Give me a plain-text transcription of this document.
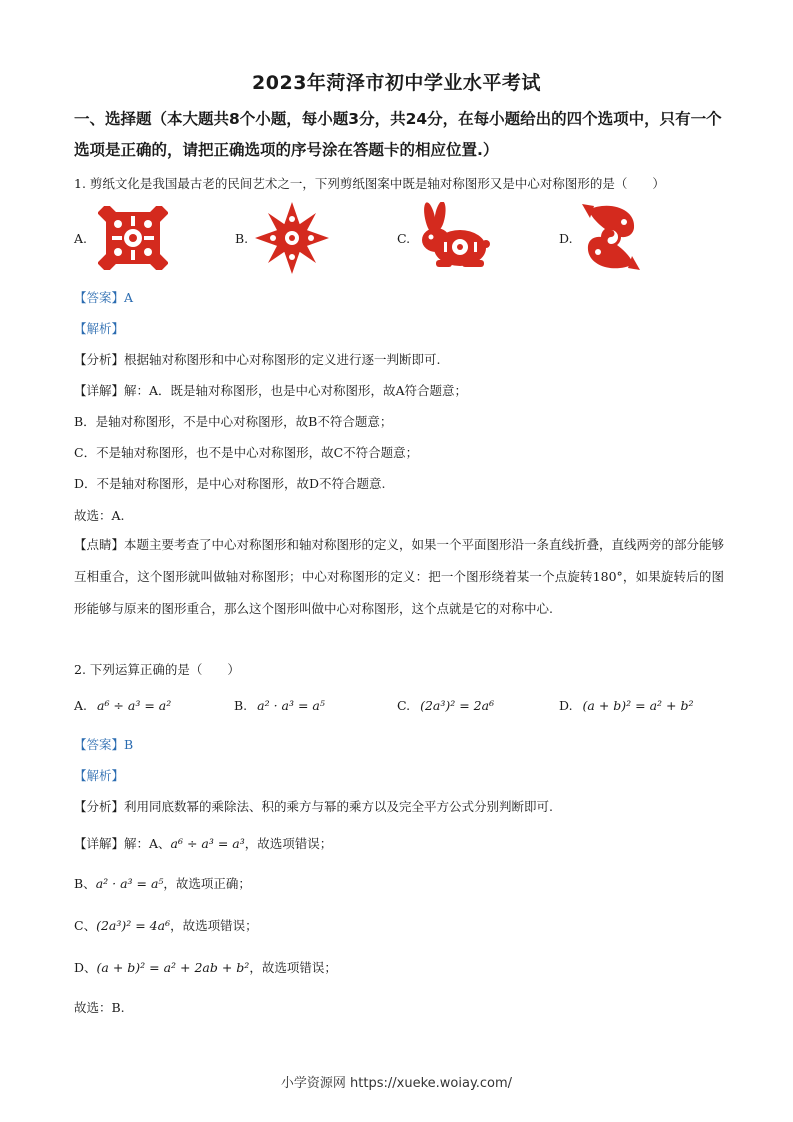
2023年菏泽市初中学业水平考试
一、选择题（本大题共8个小题，每小题3分，共24分，在每小题给出的四个选项中，只有一个选项是正确的，请把正确选项的序号涂在答题卡的相应位置.）
1. 剪纸文化是我国最古老的民间艺术之一，下列剪纸图案中既是轴对称图形又是中心对称图形的是（　　）
A.	B.	C.	D.
【答案】A
【解析】
【分析】根据轴对称图形和中心对称图形的定义进行逐一判断即可.
【详解】解：A．既是轴对称图形，也是中心对称图形，故A符合题意；
B．是轴对称图形，不是中心对称图形，故B不符合题意；
C．不是轴对称图形，也不是中心对称图形，故C不符合题意；
D．不是轴对称图形，是中心对称图形，故D不符合题意.
故选：A.
【点睛】本题主要考查了中心对称图形和轴对称图形的定义，如果一个平面图形沿一条直线折叠，直线两旁的部分能够互相重合，这个图形就叫做轴对称图形；中心对称图形的定义：把一个图形绕着某一个点旋转180°，如果旋转后的图形能够与原来的图形重合，那么这个图形叫做中心对称图形，这个点就是它的对称中心.
2. 下列运算正确的是（　　）
A. a⁶ ÷ a³ = a²	B. a² · a³ = a⁵	C. (2a³)² = 2a⁶	D. (a + b)² = a² + b²
【答案】B
【解析】
【分析】利用同底数幂的乘除法、积的乘方与幂的乘方以及完全平方公式分别判断即可.
【详解】解：A、a⁶ ÷ a³ = a³，故选项错误；
B、a² · a³ = a⁵，故选项正确；
C、(2a³)² = 4a⁶，故选项错误；
D、(a + b)² = a² + 2ab + b²，故选项错误；
故选：B.
小学资源网 https://xueke.woiay.com/
